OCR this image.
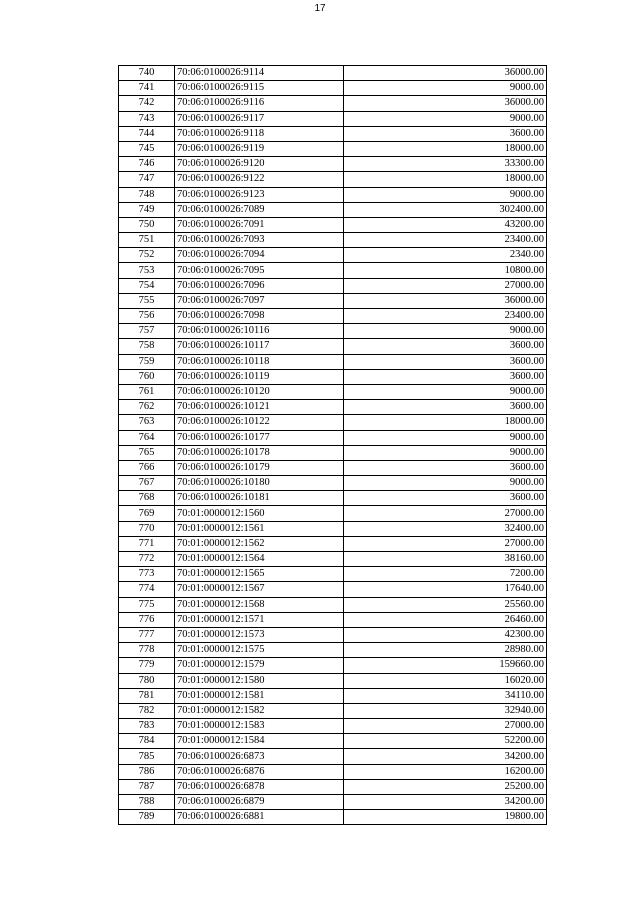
17
740	70:06:0100026:9114	36000.00
741	70:06:0100026:9115	9000.00
742	70:06:0100026:9116	36000.00
743	70:06:0100026:9117	9000.00
744	70:06:0100026:9118	3600.00
745	70:06:0100026:9119	18000.00
746	70:06:0100026:9120	33300.00
747	70:06:0100026:9122	18000.00
748	70:06:0100026:9123	9000.00
749	70:06:0100026:7089	302400.00
750	70:06:0100026:7091	43200.00
751	70:06:0100026:7093	23400.00
752	70:06:0100026:7094	2340.00
753	70:06:0100026:7095	10800.00
754	70:06:0100026:7096	27000.00
755	70:06:0100026:7097	36000.00
756	70:06:0100026:7098	23400.00
757	70:06:0100026:10116	9000.00
758	70:06:0100026:10117	3600.00
759	70:06:0100026:10118	3600.00
760	70:06:0100026:10119	3600.00
761	70:06:0100026:10120	9000.00
762	70:06:0100026:10121	3600.00
763	70:06:0100026:10122	18000.00
764	70:06:0100026:10177	9000.00
765	70:06:0100026:10178	9000.00
766	70:06:0100026:10179	3600.00
767	70:06:0100026:10180	9000.00
768	70:06:0100026:10181	3600.00
769	70:01:0000012:1560	27000.00
770	70:01:0000012:1561	32400.00
771	70:01:0000012:1562	27000.00
772	70:01:0000012:1564	38160.00
773	70:01:0000012:1565	7200.00
774	70:01:0000012:1567	17640.00
775	70:01:0000012:1568	25560.00
776	70:01:0000012:1571	26460.00
777	70:01:0000012:1573	42300.00
778	70:01:0000012:1575	28980.00
779	70:01:0000012:1579	159660.00
780	70:01:0000012:1580	16020.00
781	70:01:0000012:1581	34110.00
782	70:01:0000012:1582	32940.00
783	70:01:0000012:1583	27000.00
784	70:01:0000012:1584	52200.00
785	70:06:0100026:6873	34200.00
786	70:06:0100026:6876	16200.00
787	70:06:0100026:6878	25200.00
788	70:06:0100026:6879	34200.00
789	70:06:0100026:6881	19800.00
